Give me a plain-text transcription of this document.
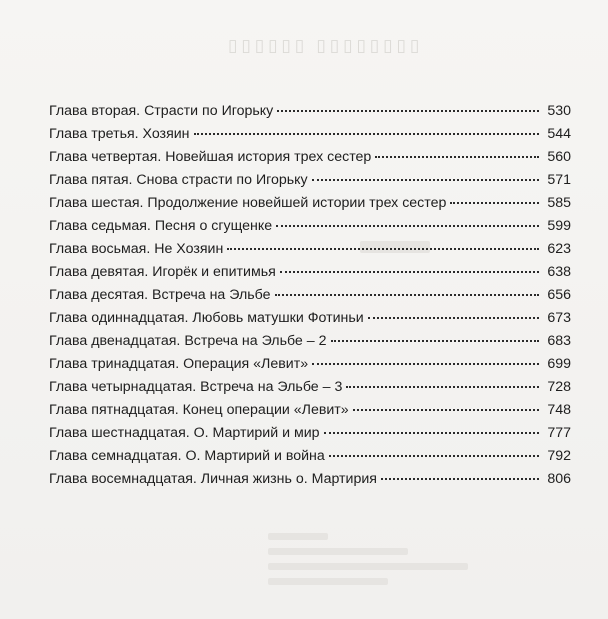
▯▯▯▯▯▯ ▯▯▯▯▯▯▯▯
Глава вторая. Страсти по Игорьку	530
Глава третья. Хозяин	544
Глава четвертая. Новейшая история трех сестер	560
Глава пятая. Снова страсти по Игорьку	571
Глава шестая. Продолжение новейшей истории трех сестер	585
Глава седьмая. Песня о сгущенке	599
Глава восьмая. Не Хозяин	623
Глава девятая. Игорёк и епитимья	638
Глава десятая. Встреча на Эльбе	656
Глава одиннадцатая. Любовь матушки Фотиньи	673
Глава двенадцатая. Встреча на Эльбе – 2	683
Глава тринадцатая. Операция «Левит»	699
Глава четырнадцатая. Встреча на Эльбе – 3	728
Глава пятнадцатая. Конец операции «Левит»	748
Глава шестнадцатая. О. Мартирий и мир	777
Глава семнадцатая. О. Мартирий и война	792
Глава восемнадцатая. Личная жизнь о. Мартирия	806
